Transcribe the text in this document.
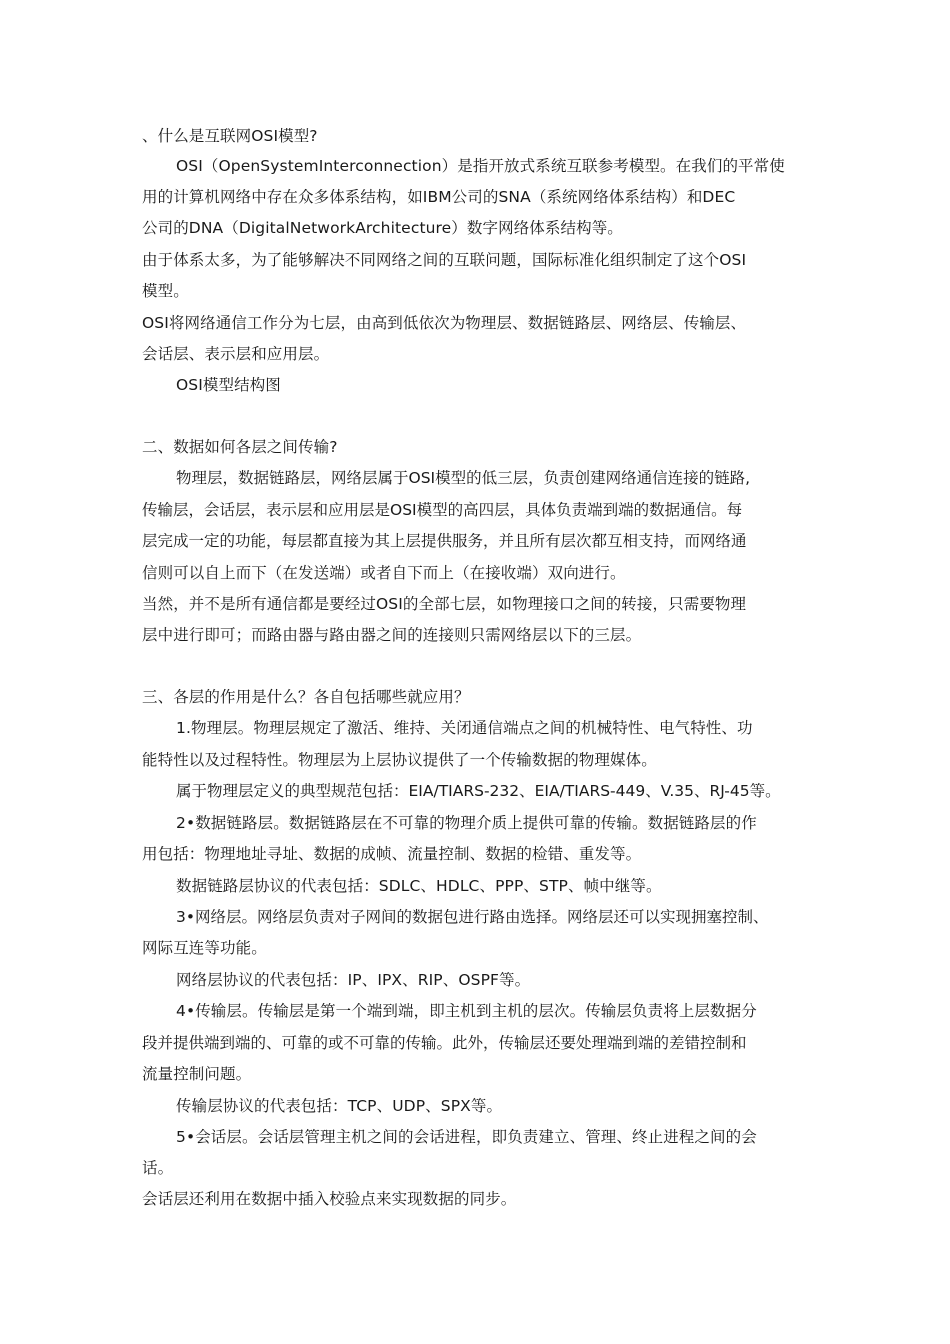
、什么是互联网OSI模型?
OSI（OpenSystemInterconnection）是指开放式系统互联参考模型。在我们的平常使
用的计算机网络中存在众多体系结构，如IBM公司的SNA（系统网络体系结构）和DEC
公司的DNA（DigitalNetworkArchitecture）数字网络体系结构等。
由于体系太多，为了能够解决不同网络之间的互联问题，国际标准化组织制定了这个OSI
模型。
OSI将网络通信工作分为七层，由高到低依次为物理层、数据链路层、网络层、传输层、
会话层、表示层和应用层。
OSI模型结构图
二、数据如何各层之间传输?
物理层，数据链路层，网络层属于OSI模型的低三层，负责创建网络通信连接的链路,
传输层，会话层，表示层和应用层是OSI模型的高四层，具体负责端到端的数据通信。每
层完成一定的功能，每层都直接为其上层提供服务，并且所有层次都互相支持，而网络通
信则可以自上而下（在发送端）或者自下而上（在接收端）双向进行。
当然，并不是所有通信都是要经过OSI的全部七层，如物理接口之间的转接，只需要物理
层中进行即可；而路由器与路由器之间的连接则只需网络层以下的三层。
三、各层的作用是什么？各自包括哪些就应用？
1.物理层。物理层规定了激活、维持、关闭通信端点之间的机械特性、电气特性、功
能特性以及过程特性。物理层为上层协议提供了一个传输数据的物理媒体。
属于物理层定义的典型规范包括：EIA/TIARS-232、EIA/TIARS-449、V.35、RJ-45等。
2•数据链路层。数据链路层在不可靠的物理介质上提供可靠的传输。数据链路层的作
用包括：物理地址寻址、数据的成帧、流量控制、数据的检错、重发等。
数据链路层协议的代表包括：SDLC、HDLC、PPP、STP、帧中继等。
3•网络层。网络层负责对子网间的数据包进行路由选择。网络层还可以实现拥塞控制、
网际互连等功能。
网络层协议的代表包括：IP、IPX、RIP、OSPF等。
4•传输层。传输层是第一个端到端，即主机到主机的层次。传输层负责将上层数据分
段并提供端到端的、可靠的或不可靠的传输。此外，传输层还要处理端到端的差错控制和
流量控制问题。
传输层协议的代表包括：TCP、UDP、SPX等。
5•会话层。会话层管理主机之间的会话进程，即负责建立、管理、终止进程之间的会
话。
会话层还利用在数据中插入校验点来实现数据的同步。
